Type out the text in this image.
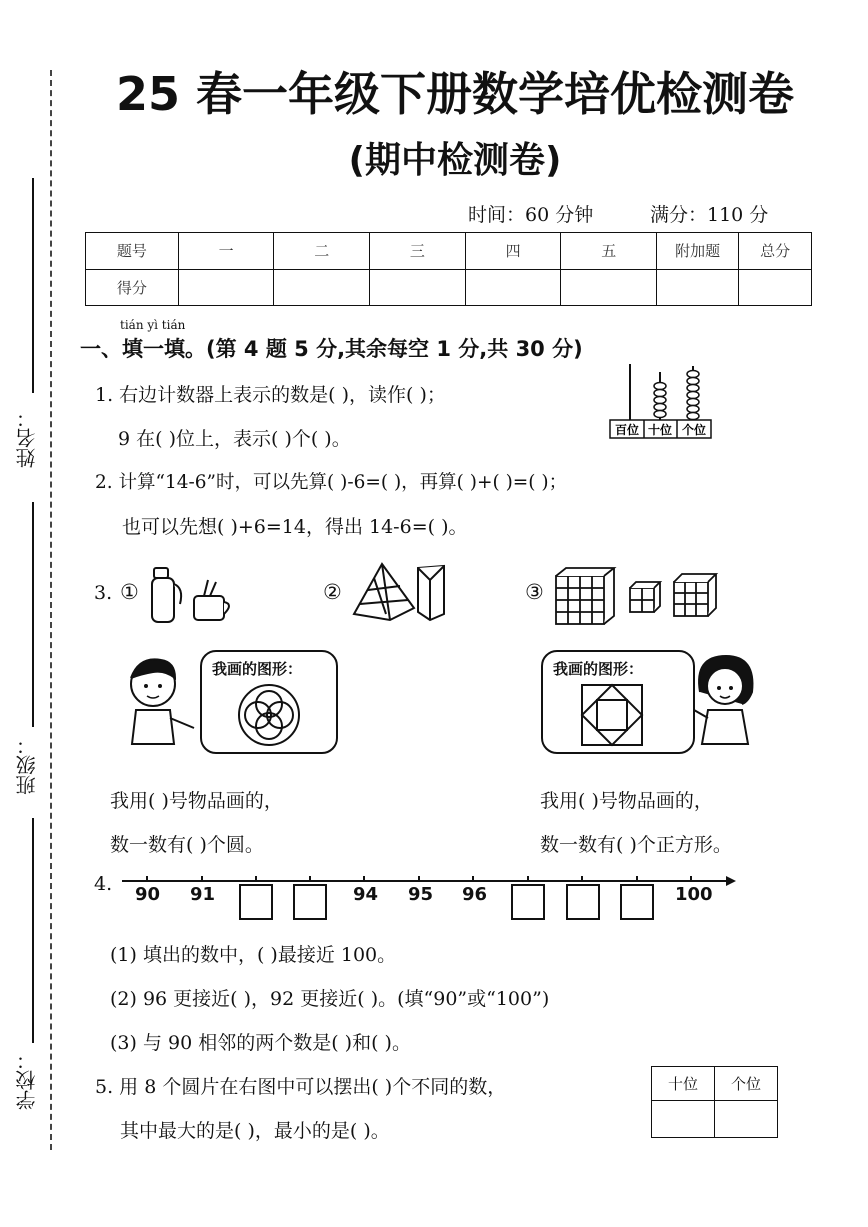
姓名：
班级：
学校：
25 春一年级下册数学培优检测卷
(期中检测卷)
时间：60 分钟	满分：110 分
题号	一	二	三	四	五	附加题	总分
得分							
tián yì tián
一、填一填。(第 4 题 5 分,其余每空 1 分,共 30 分)
1. 右边计数器上表示的数是( )，读作( )；
9 在( )位上，表示( )个( )。	百位 十位 个位
2. 计算“14-6”时，可以先算( )-6=( )，再算( )+( )=( )；
也可以先想( )+6=14，得出 14-6=( )。
3. ①	②	③
我画的图形：
我用( )号物品画的，
数一数有( )个圆。
我画的图形：
我用( )号物品画的，
数一数有( )个正方形。
4. 90 91	94 95 96	100
(1) 填出的数中，( )最接近 100。
(2) 96 更接近( )，92 更接近( )。(填“90”或“100”)
(3) 与 90 相邻的两个数是( )和( )。
5. 用 8 个圆片在右图中可以摆出( )个不同的数，
其中最大的是( )，最小的是( )。
十位	个位
